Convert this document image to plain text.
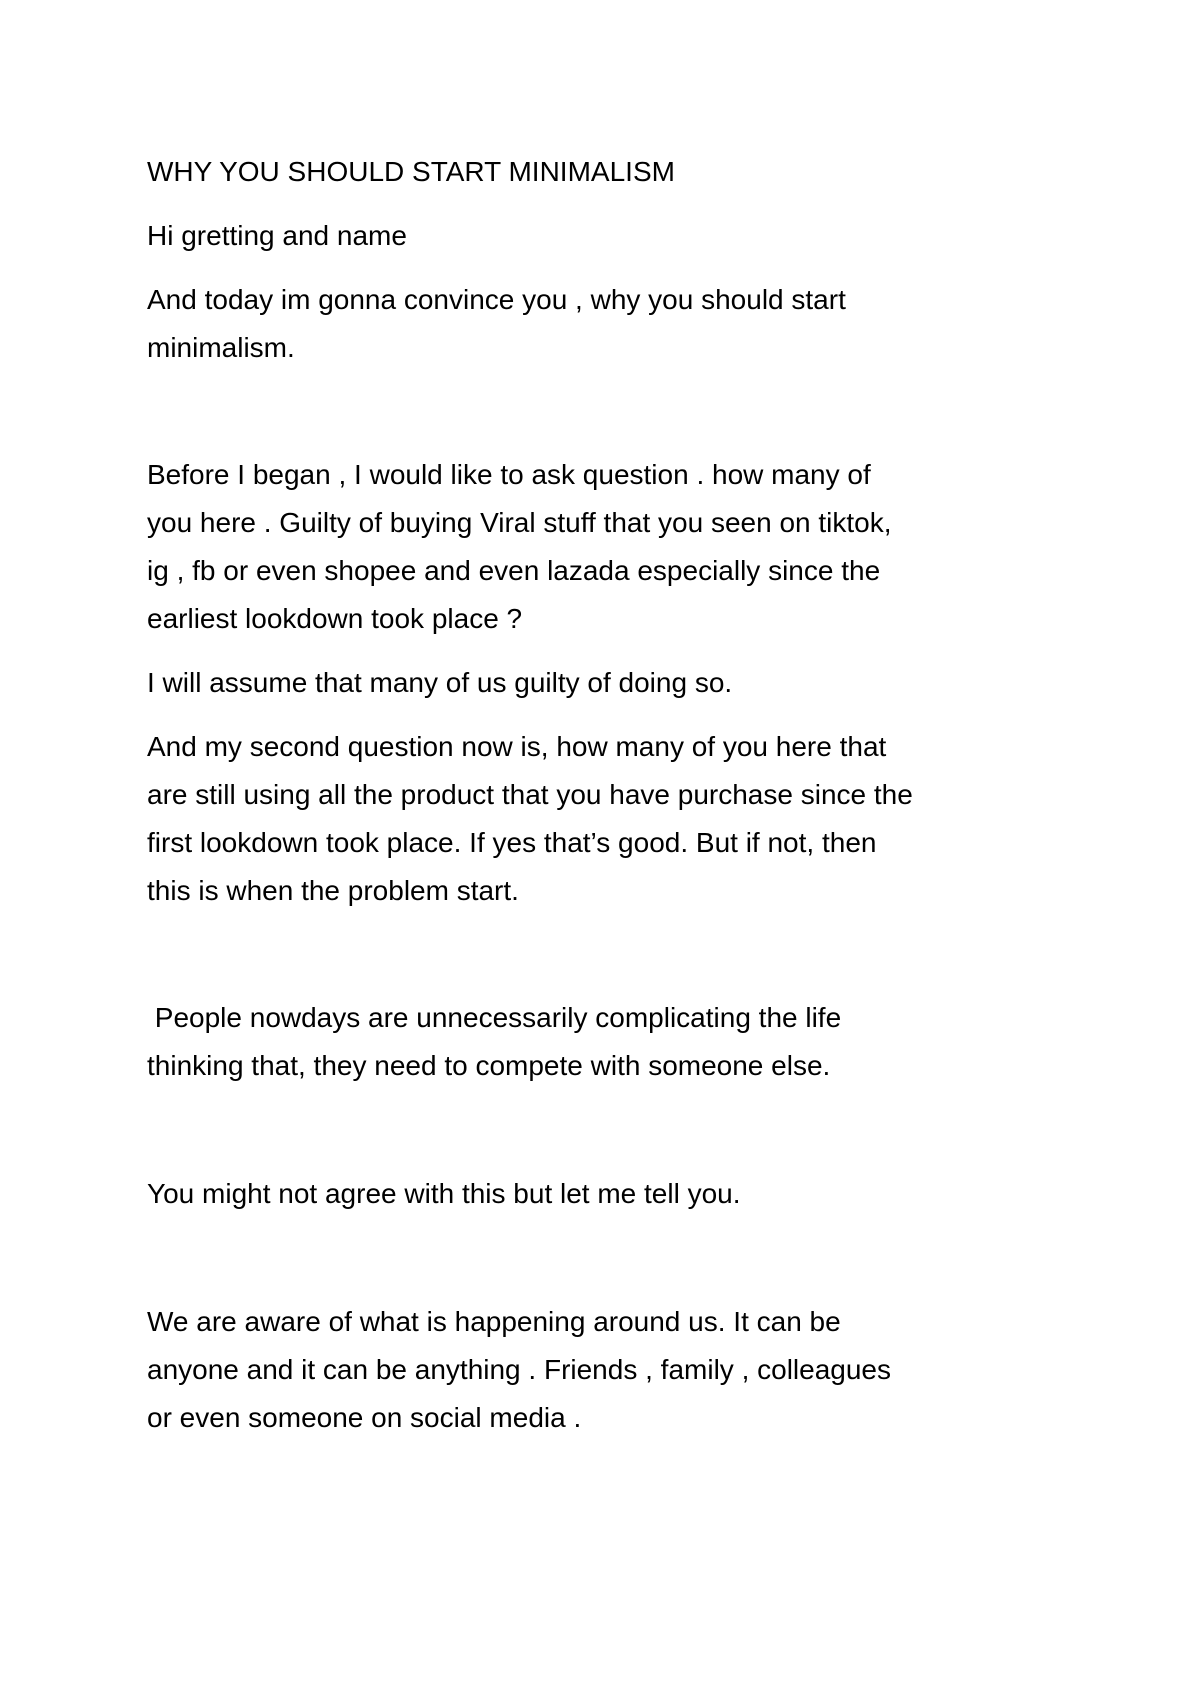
WHY YOU SHOULD START MINIMALISM

Hi gretting and name

And today im gonna convince you , why you should start

minimalism.

Before I began , I would like to ask question . how many of

you here . Guilty of buying Viral stuff that you seen on tiktok,

ig , fb or even shopee and even lazada especially since the

earliest lookdown took place ?

I will assume that many of us guilty of doing so.

And my second question now is, how many of you here that

are still using all the product that you have purchase since the

first lookdown took place. If yes that’s good. But if not, then

this is when the problem start.

People nowdays are unnecessarily complicating the life

thinking that, they need to compete with someone else.

You might not agree with this but let me tell you.

We are aware of what is happening around us. It can be

anyone and it can be anything . Friends , family , colleagues

or even someone on social media .
